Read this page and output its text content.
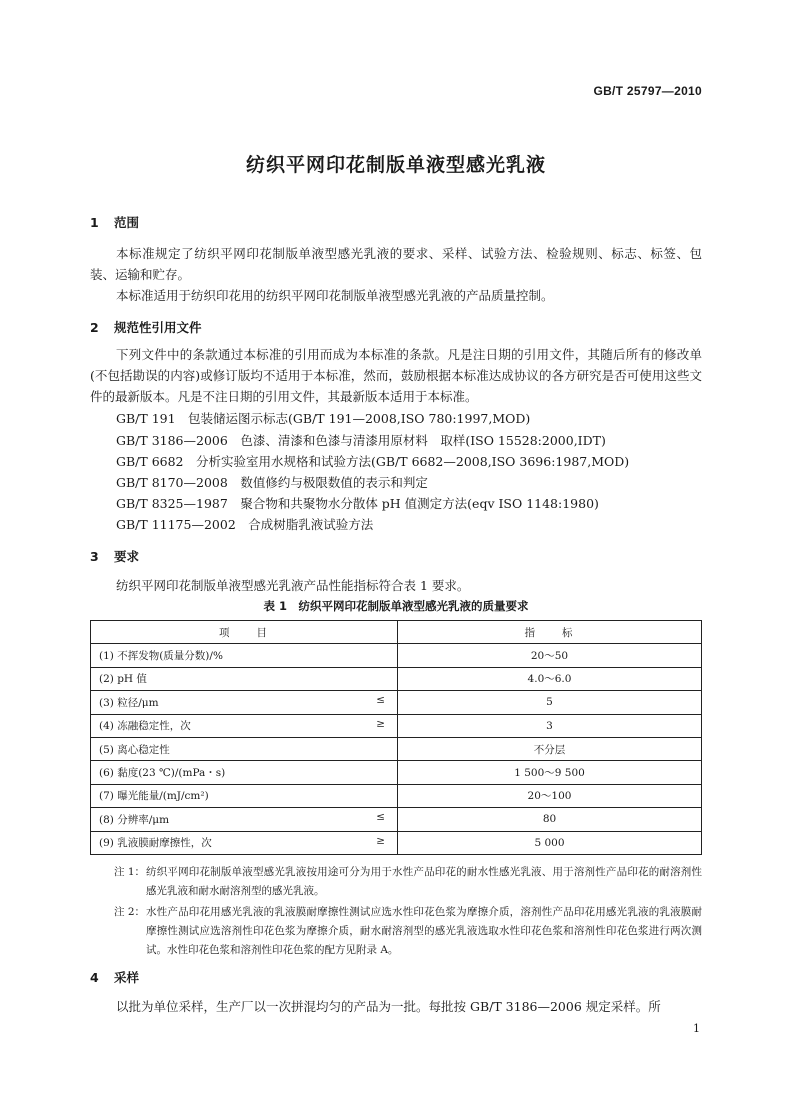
GB/T 25797—2010
纺织平网印花制版单液型感光乳液
1 范围
本标准规定了纺织平网印花制版单液型感光乳液的要求、采样、试验方法、检验规则、标志、标签、包装、运输和贮存。
本标准适用于纺织印花用的纺织平网印花制版单液型感光乳液的产品质量控制。
2 规范性引用文件
下列文件中的条款通过本标准的引用而成为本标准的条款。凡是注日期的引用文件，其随后所有的修改单(不包括勘误的内容)或修订版均不适用于本标准，然而，鼓励根据本标准达成协议的各方研究是否可使用这些文件的最新版本。凡是不注日期的引用文件，其最新版本适用于本标准。
GB/T 191　包装储运图示标志(GB/T 191—2008,ISO 780:1997,MOD)
GB/T 3186—2006　色漆、清漆和色漆与清漆用原材料　取样(ISO 15528:2000,IDT)
GB/T 6682　分析实验室用水规格和试验方法(GB/T 6682—2008,ISO 3696:1987,MOD)
GB/T 8170—2008　数值修约与极限数值的表示和判定
GB/T 8325—1987　聚合物和共聚物水分散体 pH 值测定方法(eqv ISO 1148:1980)
GB/T 11175—2002　合成树脂乳液试验方法
3 要求
纺织平网印花制版单液型感光乳液产品性能指标符合表 1 要求。
表 1　纺织平网印花制版单液型感光乳液的质量要求
项　　目	指　　标
(1) 不挥发物(质量分数)/%	20～50
(2) pH 值	4.0～6.0
(3) 粒径/μm ≤	5
(4) 冻融稳定性，次 ≥	3
(5) 离心稳定性	不分层
(6) 黏度(23 ℃)/(mPa・s)	1 500～9 500
(7) 曝光能量/(mJ/cm²)	20～100
(8) 分辨率/μm ≤	80
(9) 乳液膜耐摩擦性，次 ≥	5 000
注 1： 纺织平网印花制版单液型感光乳液按用途可分为用于水性产品印花的耐水性感光乳液、用于溶剂性产品印花的耐溶剂性感光乳液和耐水耐溶剂型的感光乳液。
注 2： 水性产品印花用感光乳液的乳液膜耐摩擦性测试应选水性印花色浆为摩擦介质，溶剂性产品印花用感光乳液的乳液膜耐摩擦性测试应选溶剂性印花色浆为摩擦介质，耐水耐溶剂型的感光乳液选取水性印花色浆和溶剂性印花色浆进行两次测试。水性印花色浆和溶剂性印花色浆的配方见附录 A。
4 采样
以批为单位采样，生产厂以一次拼混均匀的产品为一批。每批按 GB/T 3186—2006 规定采样。所
1
